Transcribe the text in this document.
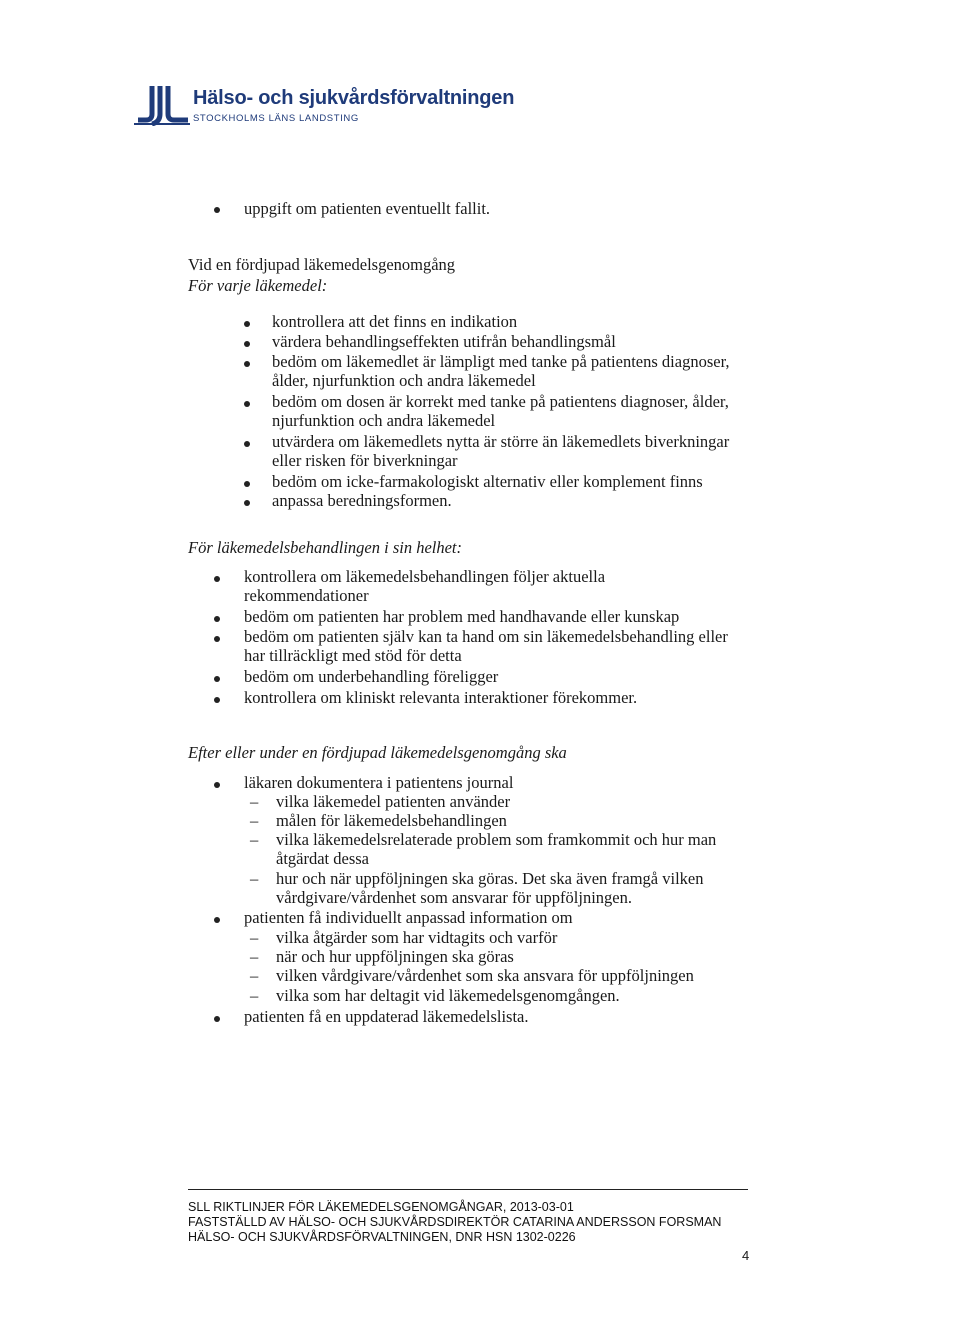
Hälso- och sjukvårdsförvaltningen
STOCKHOLMS LÄNS LANDSTING
uppgift om patienten eventuellt fallit.
Vid en fördjupad läkemedelsgenomgång
För varje läkemedel:
kontrollera att det finns en indikation
värdera behandlingseffekten utifrån behandlingsmål
bedöm om läkemedlet är lämpligt med tanke på patientens diagnoser,
ålder, njurfunktion och andra läkemedel
bedöm om dosen är korrekt med tanke på patientens diagnoser, ålder,
njurfunktion och andra läkemedel
utvärdera om läkemedlets nytta är större än läkemedlets biverkningar
eller risken för biverkningar
bedöm om icke-farmakologiskt alternativ eller komplement finns
anpassa beredningsformen.
För läkemedelsbehandlingen i sin helhet:
kontrollera om läkemedelsbehandlingen följer aktuella
rekommendationer
bedöm om patienten har problem med handhavande eller kunskap
bedöm om patienten själv kan ta hand om sin läkemedelsbehandling eller
har tillräckligt med stöd för detta
bedöm om underbehandling föreligger
kontrollera om kliniskt relevanta interaktioner förekommer.
Efter eller under en fördjupad läkemedelsgenomgång ska
läkaren dokumentera i patientens journal
– vilka läkemedel patienten använder
– målen för läkemedelsbehandlingen
– vilka läkemedelsrelaterade problem som framkommit och hur man
åtgärdat dessa
– hur och när uppföljningen ska göras. Det ska även framgå vilken
vårdgivare/vårdenhet som ansvarar för uppföljningen.
patienten få individuellt anpassad information om
– vilka åtgärder som har vidtagits och varför
– när och hur uppföljningen ska göras
– vilken vårdgivare/vårdenhet som ska ansvara för uppföljningen
– vilka som har deltagit vid läkemedelsgenomgången.
patienten få en uppdaterad läkemedelslista.
SLL RIKTLINJER FÖR LÄKEMEDELSGENOMGÅNGAR, 2013-03-01
FASTSTÄLLD AV HÄLSO- OCH SJUKVÅRDSDIREKTÖR CATARINA ANDERSSON FORSMAN
HÄLSO- OCH SJUKVÅRDSFÖRVALTNINGEN, DNR HSN 1302-0226
4
